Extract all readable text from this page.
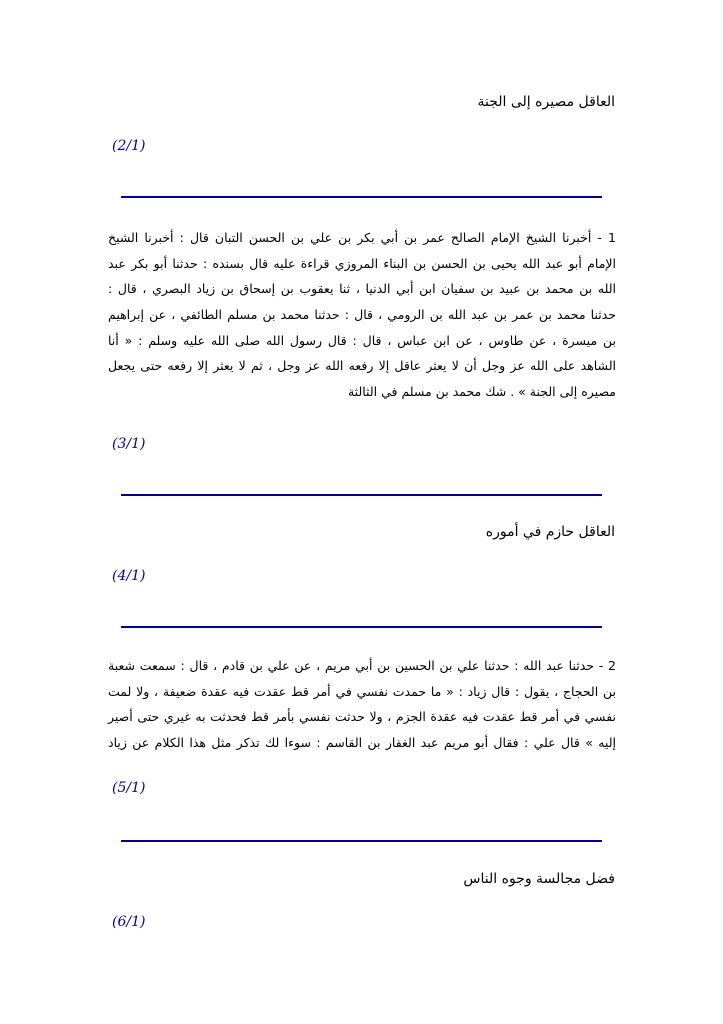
العاقل مصيره إلى الجنة
(2/1)
1 - أخبرنا الشيخ الإمام الصالح عمر بن أبي بكر بن علي بن الحسن التبان قال : أخبرنا الشيخ
الإمام أبو عبد الله يحيى بن الحسن بن البناء المروزي قراءة عليه قال بسنده : حدثنا أبو بكر عبد
الله بن محمد بن عبيد بن سفيان ابن أبي الدنيا ، ثنا يعقوب بن إسحاق بن زياد البصري ، قال :
حدثنا محمد بن عمر بن عبد الله بن الرومي ، قال : حدثنا محمد بن مسلم الطائفي ، عن إبراهيم
بن ميسرة ، عن طاوس ، عن ابن عباس ، قال : قال رسول الله صلى الله عليه وسلم : « أنا
الشاهد على الله عز وجل أن لا يعثر عاقل إلا رفعه الله عز وجل ، ثم لا يعثر إلا رفعه حتى يجعل
مصيره إلى الجنة » . شك محمد بن مسلم في الثالثة
(3/1)
العاقل حازم في أموره
(4/1)
2 - حدثنا عبد الله : حدثنا علي بن الحسين بن أبي مريم ، عن علي بن قادم ، قال : سمعت شعبة
بن الحجاج ، يقول : قال زياد : « ما حمدت نفسي في أمر قط عقدت فيه عقدة ضعيفة ، ولا لمت
نفسي في أمر قط عقدت فيه عقدة الجزم ، ولا حدثت نفسي بأمر قط فحدثت به غيري حتى أصير
إليه » قال علي : فقال أبو مريم عبد الغفار بن القاسم : سوءا لك تذكر مثل هذا الكلام عن زياد
(5/1)
فضل مجالسة وجوه الناس
(6/1)
